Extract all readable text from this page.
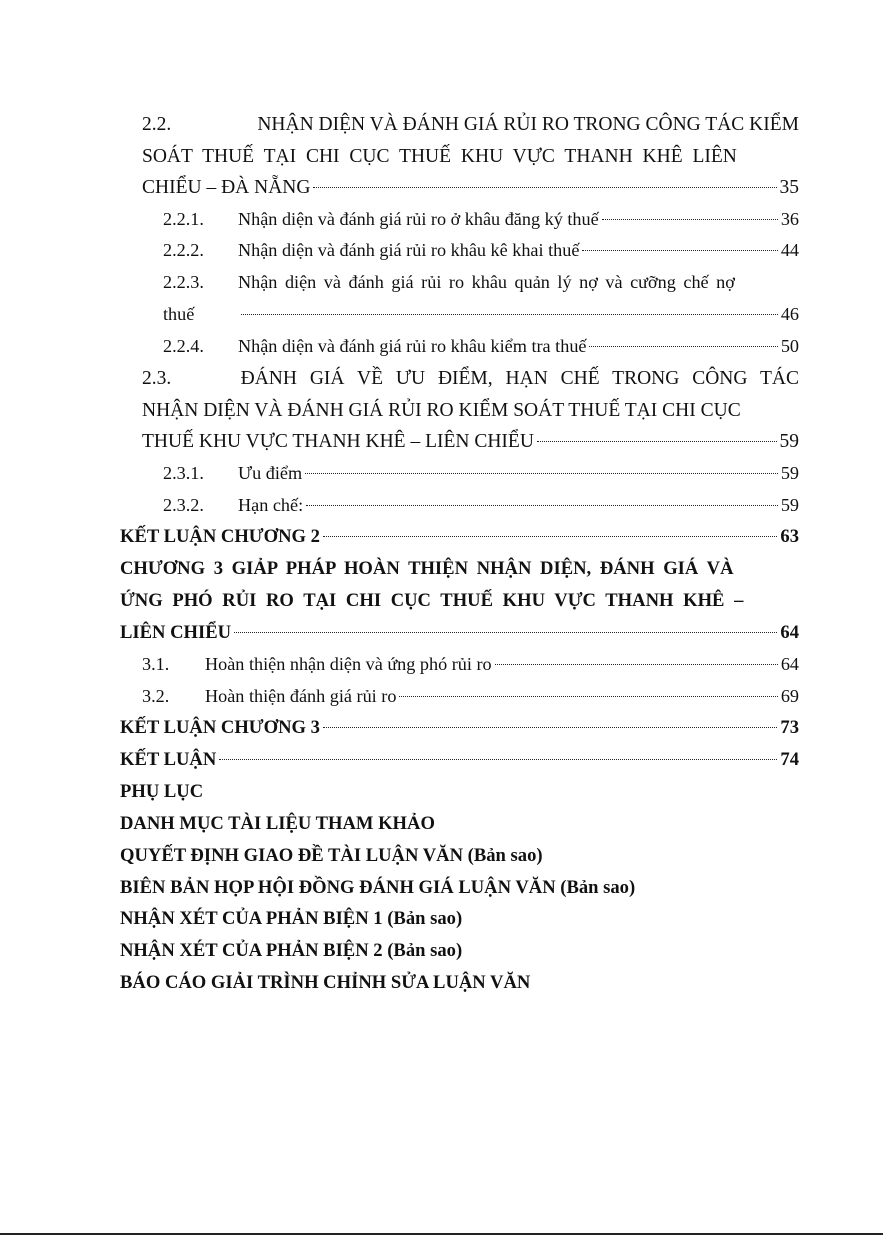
2.2.	NHẬN DIỆN VÀ ĐÁNH GIÁ RỦI RO TRONG CÔNG TÁC KIỂM
SOÁT THUẾ TẠI CHI CỤC THUẾ KHU VỰC THANH KHÊ LIÊN
CHIỂU – ĐÀ NẴNG	35
2.2.1.	Nhận diện và đánh giá rủi ro ở khâu đăng ký thuế	36
2.2.2.	Nhận diện và đánh giá rủi ro khâu kê khai thuế	44
2.2.3.	Nhận diện và đánh giá rủi ro khâu quản lý nợ và cưỡng chế nợ
thuế	46
2.2.4.	Nhận diện và đánh giá rủi ro khâu kiểm tra thuế	50
2.3.	ĐÁNH GIÁ VỀ ƯU ĐIỂM, HẠN CHẾ TRONG CÔNG TÁC
NHẬN DIỆN VÀ ĐÁNH GIÁ RỦI RO KIỂM SOÁT THUẾ TẠI CHI CỤC
THUẾ KHU VỰC THANH KHÊ – LIÊN CHIỂU	59
2.3.1.	Ưu điểm	59
2.3.2.	Hạn chế:	59
KẾT LUẬN CHƯƠNG 2	63
CHƯƠNG 3 GIẢP PHÁP HOÀN THIỆN NHẬN DIỆN, ĐÁNH GIÁ VÀ
ỨNG PHÓ RỦI RO TẠI CHI CỤC THUẾ KHU VỰC THANH KHÊ –
LIÊN CHIỂU	64
3.1.	Hoàn thiện nhận diện và ứng phó rủi ro	64
3.2.	Hoàn thiện đánh giá rủi ro	69
KẾT LUẬN CHƯƠNG 3	73
KẾT LUẬN	74
PHỤ LỤC
DANH MỤC TÀI LIỆU THAM KHẢO
QUYẾT ĐỊNH GIAO ĐỀ TÀI LUẬN VĂN (Bản sao)
BIÊN BẢN HỌP HỘI ĐỒNG ĐÁNH GIÁ LUẬN VĂN (Bản sao)
NHẬN XÉT CỦA PHẢN BIỆN 1 (Bản sao)
NHẬN XÉT CỦA PHẢN BIỆN 2 (Bản sao)
BÁO CÁO GIẢI TRÌNH CHỈNH SỬA LUẬN VĂN
